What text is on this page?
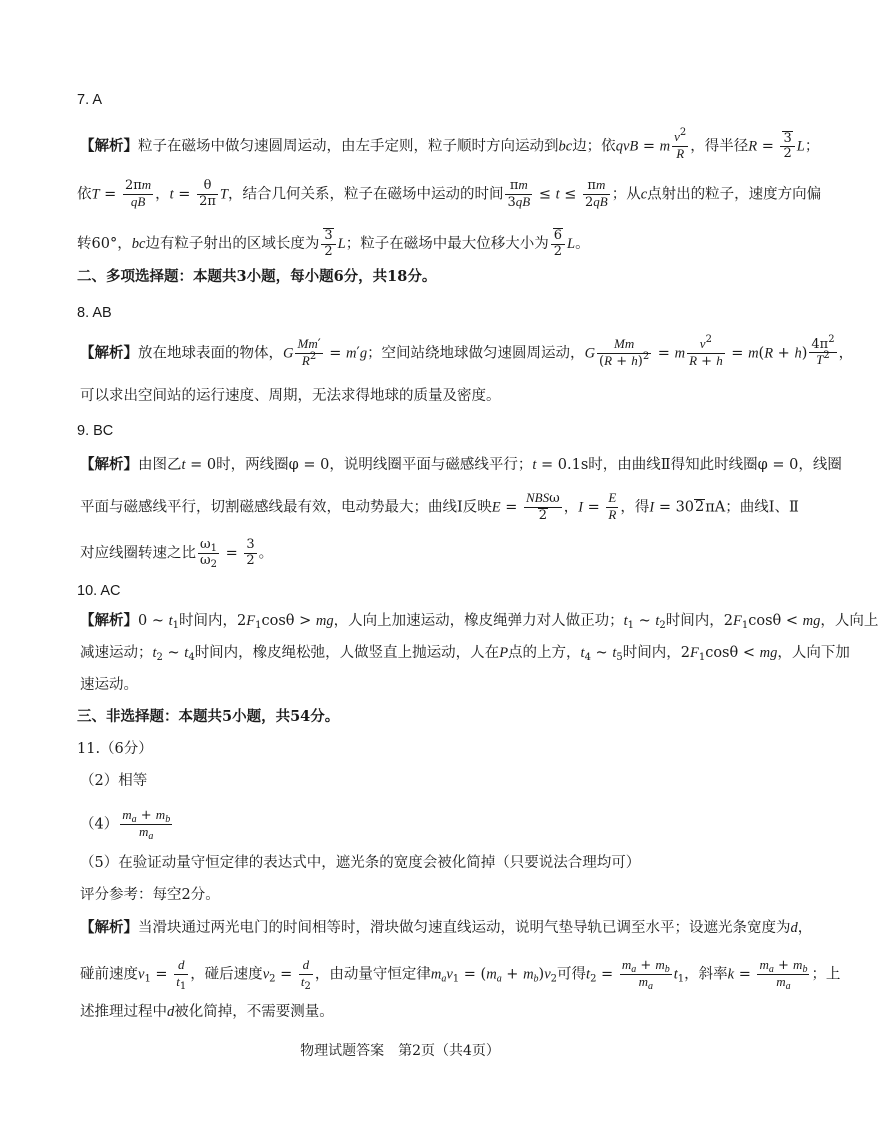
7. A
【解析】粒子在磁场中做匀速圆周运动，由左手定则，粒子顺时方向运动到bc边；依qvB = m $\frac{v^2}{R}$ ，得半径$R = \frac{3}{2}$ L；
依$T = \frac{2\pi m}{qB}$ ，$t = \frac{\theta}{2\pi}$ T，结合几何关系，粒子在磁场中运动的时间 $\frac{\pi m}{3qB} \le t \le \frac{\pi m}{2qB}$ ；从c点射出的粒子，速度方向偏
转60°，bc边有粒子射出的区域长度为 $\frac{3}{2}$ L；粒子在磁场中最大位移大小为 $\frac{6}{2}$ L。
二、多项选择题：本题共3小题，每小题6分，共18分。
8. AB
【解析】放在地球表面的物体，G $\frac{Mm'}{R^2} = m'g$；空间站绕地球做匀速圆周运动，G $\frac{Mm}{(R + h)^2} = m \frac{v^2}{R + h} = m(R + h) \frac{4\pi^2}{T^2}$ ，
可以求出空间站的运行速度、周期，无法求得地球的质量及密度。
9. BC
【解析】由图乙t = 0时，两线圈φ = 0，说明线圈平面与磁感线平行；t = 0.1s时，由曲线Ⅱ得知此时线圈φ = 0，线圈
平面与磁感线平行，切割磁感线最有效，电动势最大；曲线Ⅰ反映$E = \frac{\text{NBSω}}{2}$ ，$I = \frac{E}{R}$ ，得I = 302πA；曲线Ⅰ、Ⅱ
对应线圈转速之比 $\frac{\omega_1}{\omega_2} = \frac{3}{2}$ 。
10. AC
【解析】0 ~ $t_1$时间内，$2F_1\cos\theta$ > mg，人向上加速运动，橡皮绳弹力对人做正功；$t_1$ ~ $t_2$时间内，$2F_1\cos\theta$ < mg，人向上
减速运动；$t_2$ ~ $t_4$时间内，橡皮绳松弛，人做竖直上抛运动，人在P点的上方，$t_4$ ~ $t_5$时间内，$2F_1\cos\theta$ < mg，人向下加
速运动。
三、非选择题：本题共5小题，共54分。
11.（6分）
（2）相等
$(4) \frac{m_a + m_b}{m_a}$
（5）在验证动量守恒定律的表达式中，遮光条的宽度会被化简掉（只要说法合理均可）
评分参考：每空2分。
【解析】当滑块通过两光电门的时间相等时，滑块做匀速直线运动，说明气垫导轨已调至水平；设遮光条宽度为d，
碰前速度$v_1 = \frac{d}{t_1}$ ，碰后速度$v_2 = \frac{d}{t_2}$ ，由动量守恒定律$m_av_1 = (m_a + m_b)v_2$可得$t_2 = \frac{m_a + m_b}{m_a} t_1$，斜率$k = \frac{m_a + m_b}{m_a}$ ；上
述推理过程中d被化简掉，不需要测量。
物理试题答案　第2页（共4页）
